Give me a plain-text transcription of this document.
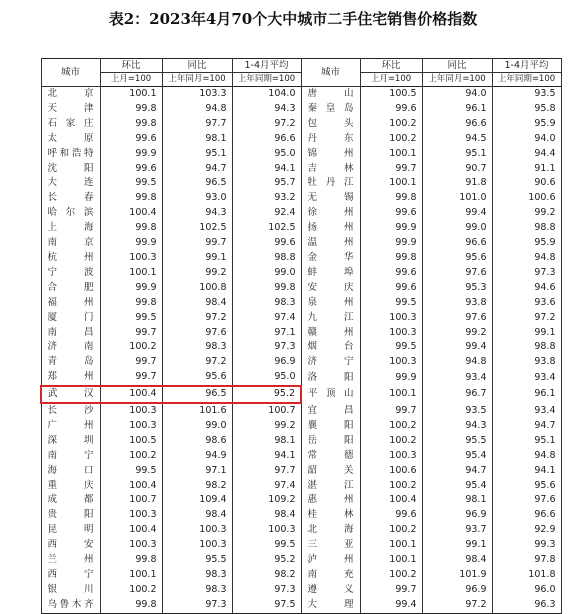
表2：2023年4月70个大中城市二手住宅销售价格指数
城市	环比	同比	1-4月平均	城市	环比	同比	1-4月平均
	上月=100	上年同月=100	上年同期=100		上月=100	上年同月=100	上年同期=100
北　京	100.1	103.3	104.0	唐　山	100.5	94.0	93.5
天　津	99.8	94.8	94.3	秦皇岛	99.6	96.1	95.8
石家庄	99.8	97.7	97.2	包　头	100.2	96.6	95.9
太　原	99.6	98.1	96.6	丹　东	100.2	94.5	94.0
呼和浩特	99.9	95.1	95.0	锦　州	100.1	95.1	94.4
沈　阳	99.6	94.7	94.1	吉　林	99.7	90.7	91.1
大　连	99.5	96.5	95.7	牡丹江	100.1	91.8	90.6
长　春	99.8	93.0	93.2	无　锡	99.8	101.0	100.6
哈尔滨	100.4	94.3	92.4	徐　州	99.6	99.4	99.2
上　海	99.8	102.5	102.5	扬　州	99.9	99.0	98.8
南　京	99.9	99.7	99.6	温　州	99.9	96.6	95.9
杭　州	100.3	99.1	98.8	金　华	99.8	95.6	94.8
宁　波	100.1	99.2	99.0	蚌　埠	99.6	97.6	97.3
合　肥	99.9	100.8	99.8	安　庆	99.6	95.3	94.6
福　州	99.8	98.4	98.3	泉　州	99.5	93.8	93.6
厦　门	99.5	97.2	97.4	九　江	100.3	97.6	97.2
南　昌	99.7	97.6	97.1	赣　州	100.3	99.2	99.1
济　南	100.2	98.3	97.3	烟　台	99.5	99.4	98.8
青　岛	99.7	97.2	96.9	济　宁	100.3	94.8	93.8
郑　州	99.7	95.6	95.0	洛　阳	99.9	93.4	93.4
武　汉	100.4	96.5	95.2	平顶山	100.1	96.7	96.1
长　沙	100.3	101.6	100.7	宜　昌	99.7	93.5	93.4
广　州	100.3	99.0	99.2	襄　阳	100.2	94.3	94.7
深　圳	100.5	98.6	98.1	岳　阳	100.2	95.5	95.1
南　宁	100.2	94.9	94.1	常　德	100.3	95.4	94.8
海　口	99.5	97.1	97.7	韶　关	100.6	94.7	94.1
重　庆	100.4	98.2	97.4	湛　江	100.2	95.4	95.6
成　都	100.7	109.4	109.2	惠　州	100.4	98.1	97.6
贵　阳	100.3	98.4	98.4	桂　林	99.6	96.9	96.6
昆　明	100.4	100.3	100.3	北　海	100.2	93.7	92.9
西　安	100.3	100.3	99.5	三　亚	100.1	99.1	99.3
兰　州	99.8	95.5	95.2	泸　州	100.1	98.4	97.8
西　宁	100.1	98.3	98.2	南　充	100.2	101.9	101.8
银　川	100.2	98.3	97.3	遵　义	99.7	96.9	96.0
乌鲁木齐	99.8	97.3	97.5	大　理	99.4	97.2	96.3
